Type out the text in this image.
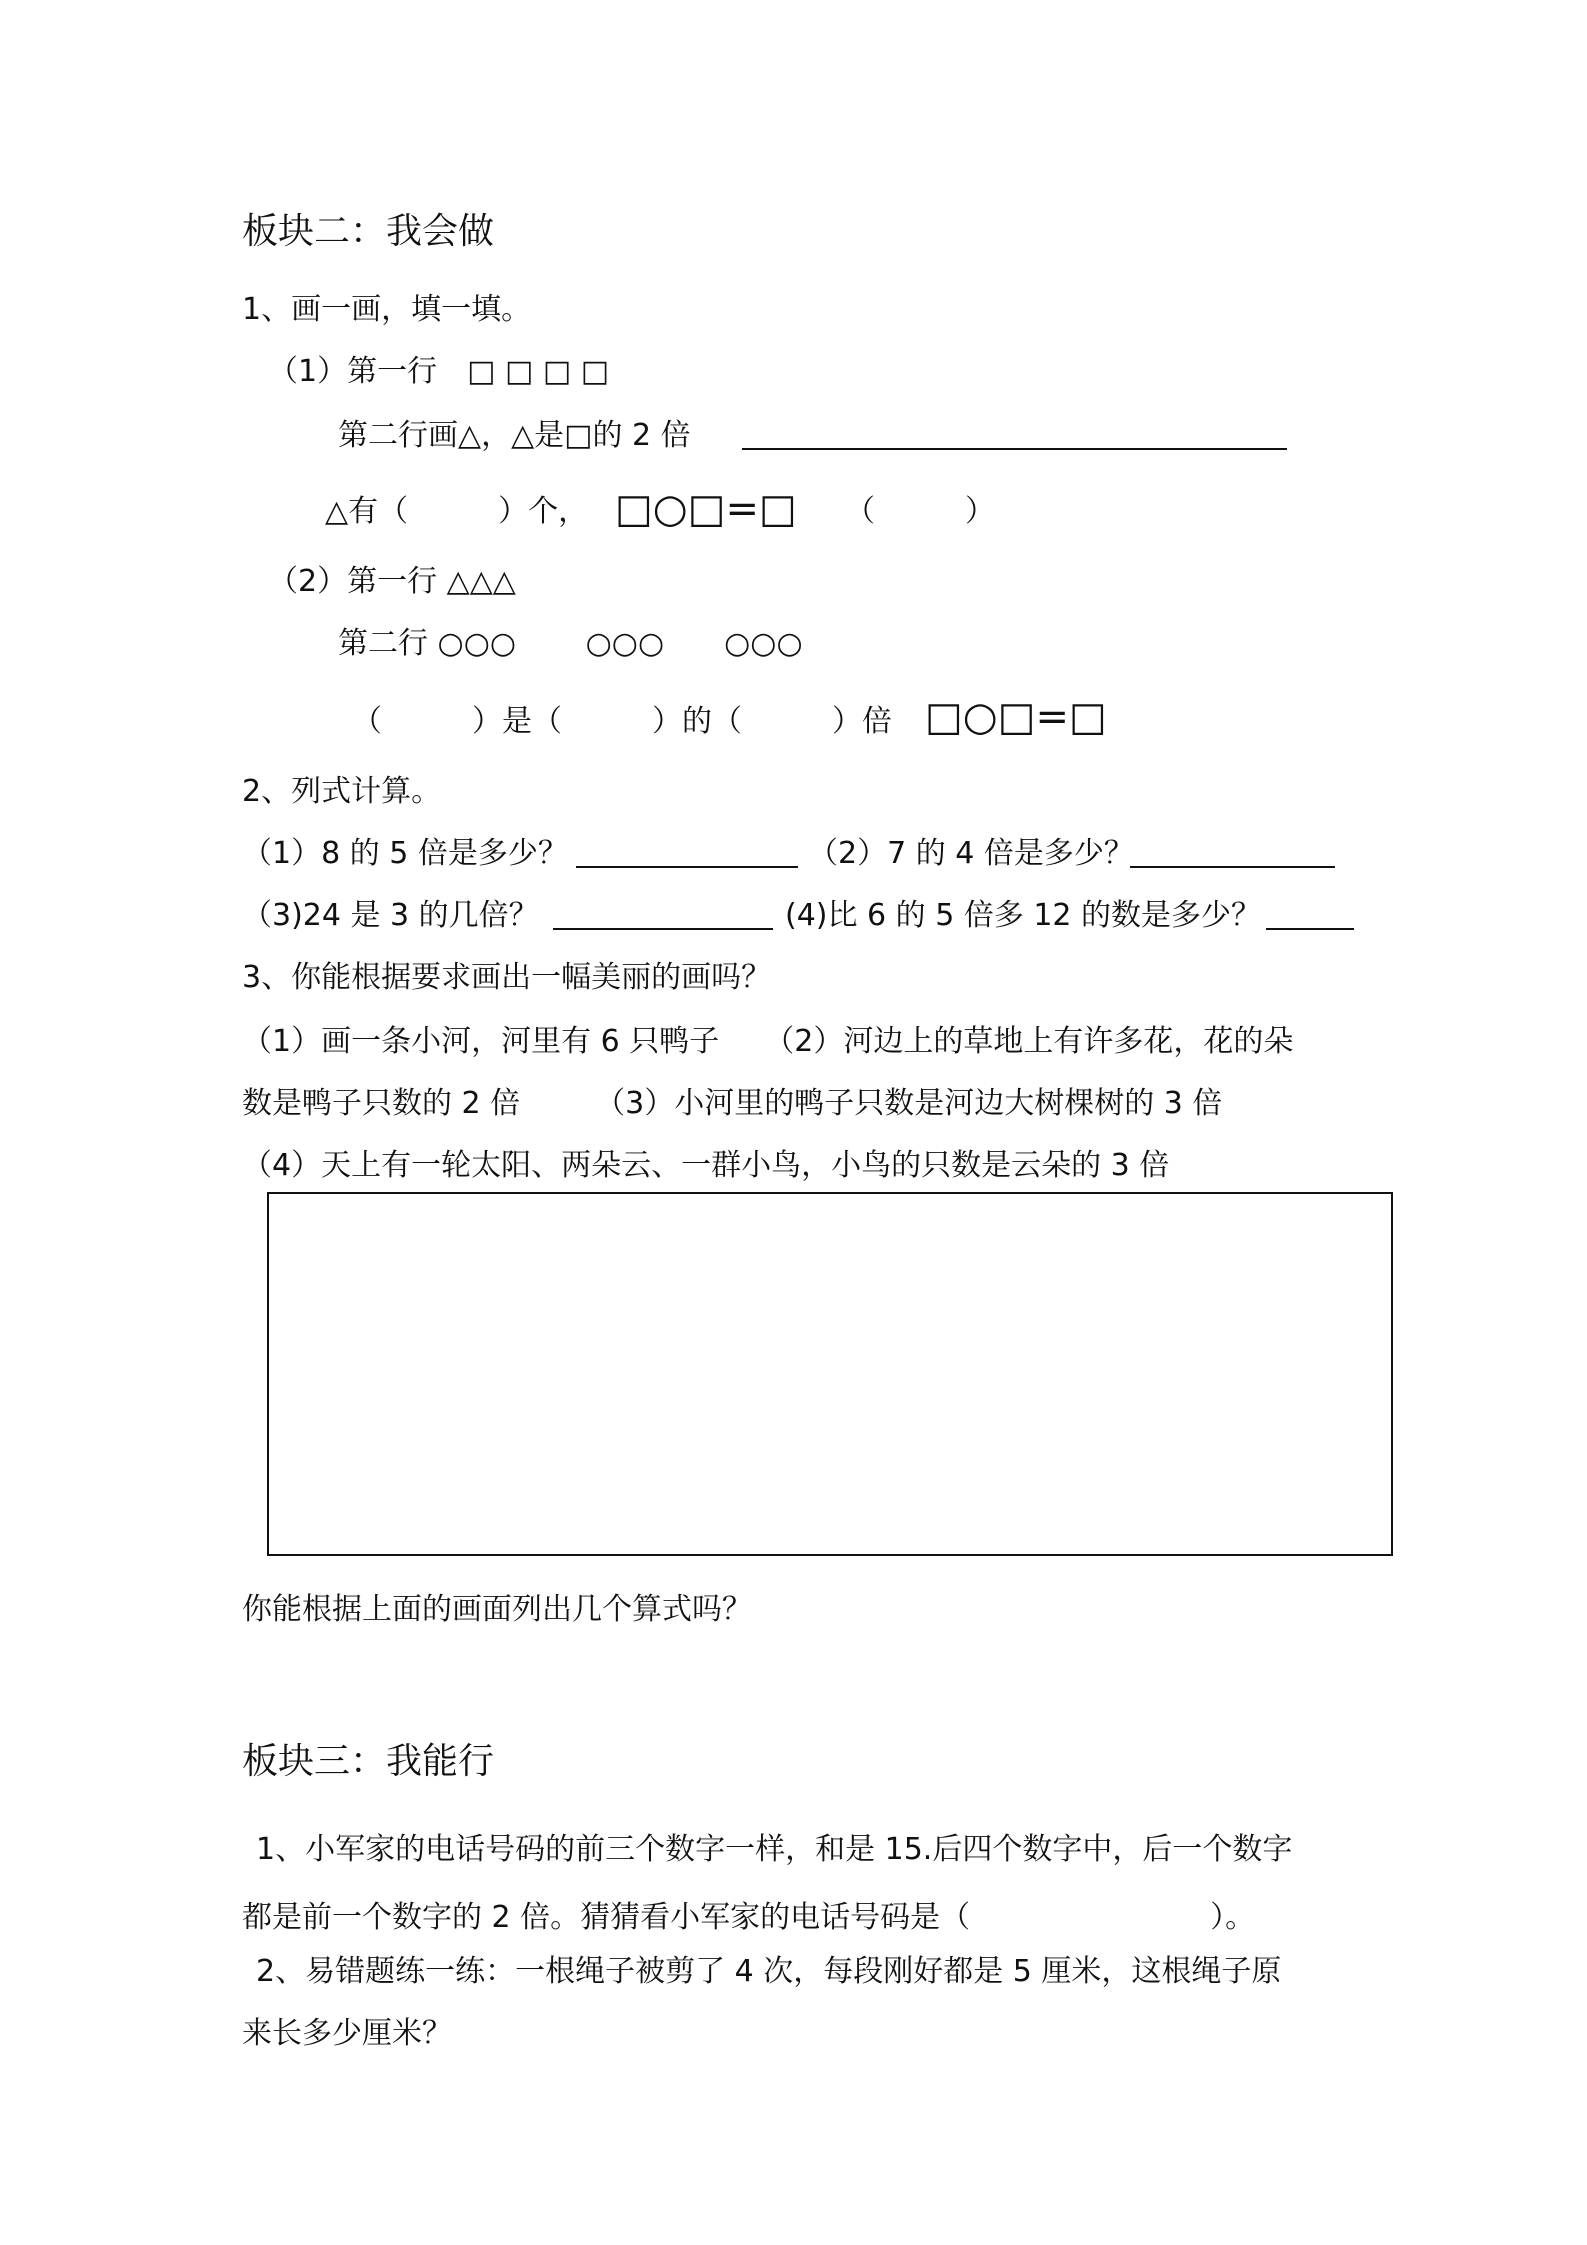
板块二：我会做
1、画一画，填一填。
（1）第一行　□ □ □ □
第二行画△，△是□的 2 倍
△有（　　　）个， □○□=□ （　　　）
（2）第一行 △△△
第二行 ○○○　　 ○○○　　○○○
（　　　）是（　　　）的（　　　）倍 □○□=□
2、列式计算。
（1）8 的 5 倍是多少？	（2）7 的 4 倍是多少？
（3)24 是 3 的几倍？	(4)比 6 的 5 倍多 12 的数是多少？
3、你能根据要求画出一幅美丽的画吗？
（1）画一条小河，河里有 6 只鸭子　　（2）河边上的草地上有许多花，花的朵
数是鸭子只数的 2 倍　　　（3）小河里的鸭子只数是河边大树棵树的 3 倍
（4）天上有一轮太阳、两朵云、一群小鸟，小鸟的只数是云朵的 3 倍
你能根据上面的画面列出几个算式吗？
板块三：我能行
1、小军家的电话号码的前三个数字一样，和是 15.后四个数字中，后一个数字
都是前一个数字的 2 倍。猜猜看小军家的电话号码是（　　　　　　　　）。
2、易错题练一练：一根绳子被剪了 4 次，每段刚好都是 5 厘米，这根绳子原
来长多少厘米？
